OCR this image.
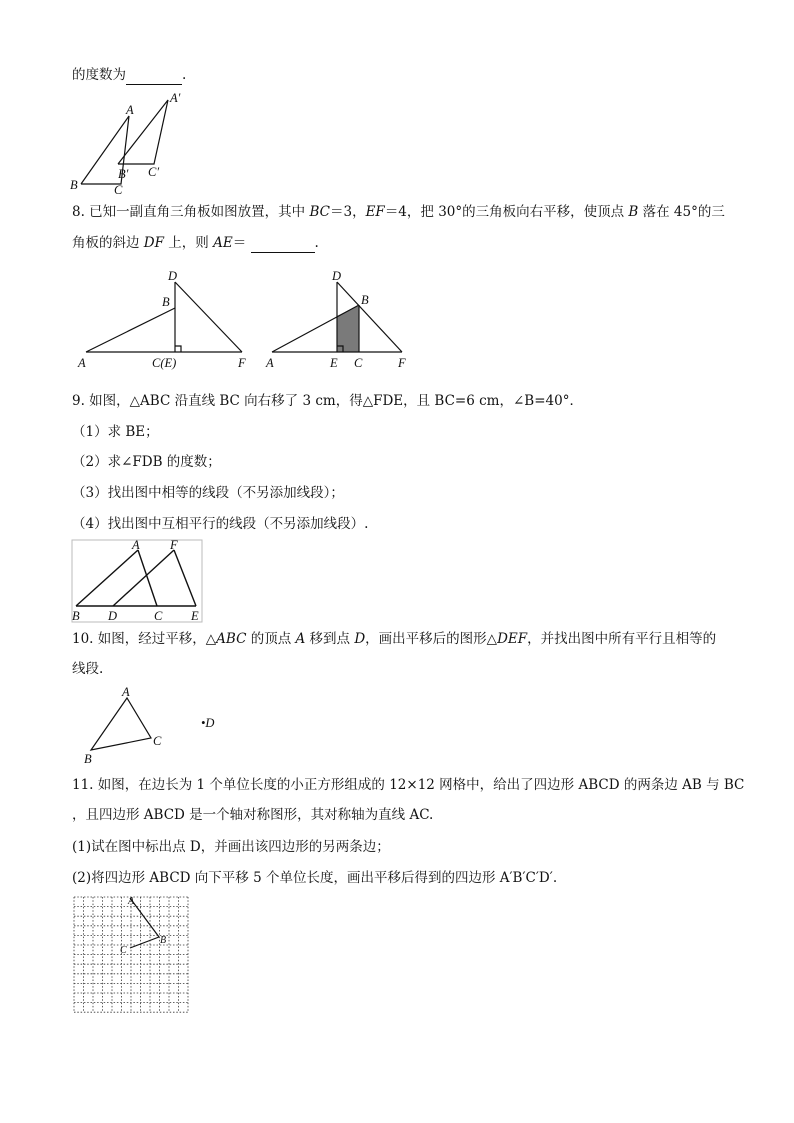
的度数为	.
A
A′
B
B′
C
C′
8. 已知一副直角三角板如图放置，其中 BC＝3，EF＝4，把 30°的三角板向右平移，使顶点 B 落在 45°的三
角板的斜边 DF 上，则 AE＝	.
D
B
A	C(E)	F
D
B
A	E C	F
9. 如图，△ABC 沿直线 BC 向右移了 3 cm，得△FDE，且 BC=6 cm，∠B=40°．
（1）求 BE；
（2）求∠FDB 的度数；
（3）找出图中相等的线段（不另添加线段）；
（4）找出图中互相平行的线段（不另添加线段）.
A F
B D	C E
10. 如图，经过平移，△ABC 的顶点 A 移到点 D，画出平移后的图形△DEF，并找出图中所有平行且相等的
线段.
A
B
C
•D
11. 如图，在边长为 1 个单位长度的小正方形组成的 12×12 网格中，给出了四边形 ABCD 的两条边 AB 与 BC
，且四边形 ABCD 是一个轴对称图形，其对称轴为直线 AC.
(1)试在图中标出点 D，并画出该四边形的另两条边；
(2)将四边形 ABCD 向下平移 5 个单位长度，画出平移后得到的四边形 A′B′C′D′.
A
B
C
